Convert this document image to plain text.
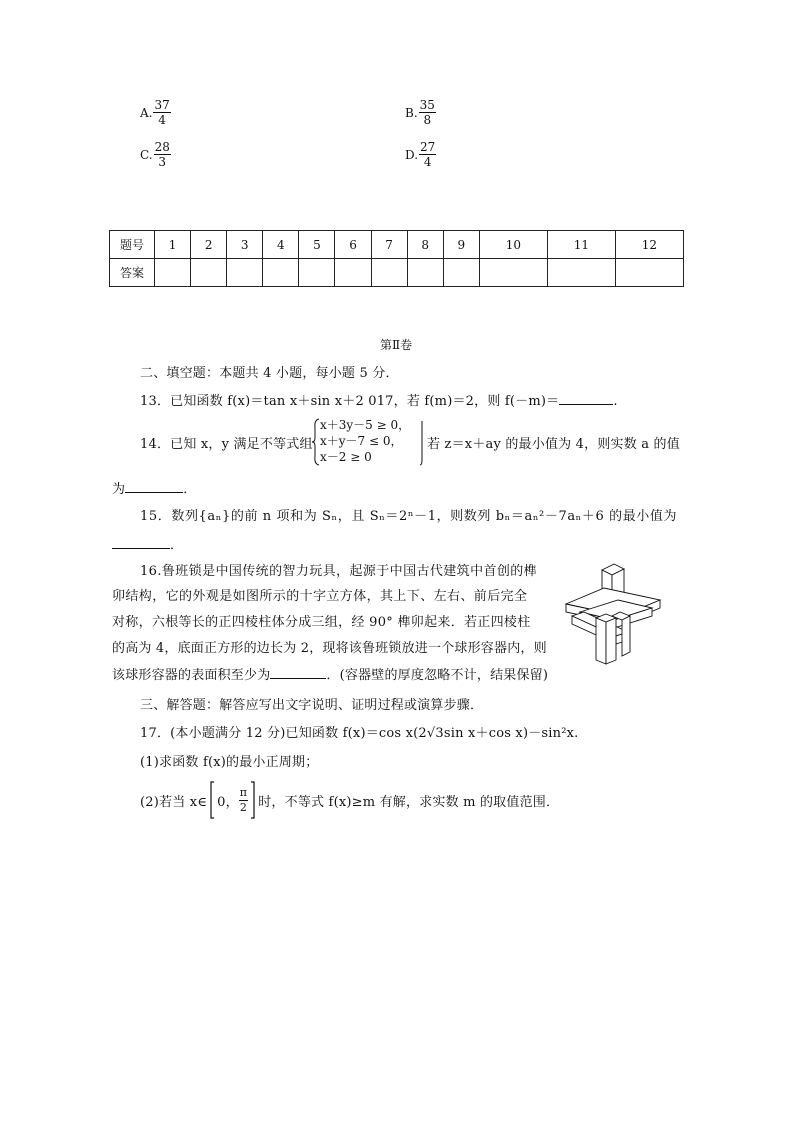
A. $\frac{37}{4}$	B. $\frac{35}{8}$
C. $\frac{28}{3}$	D. $\frac{27}{4}$
题号	1	2	3	4	5	6	7	8	9	10	11	12
答案												
第Ⅱ卷
二、填空题：本题共 4 小题，每小题 5 分．
13．已知函数 f(x)＝tan x＋sin x＋2 017，若 f(m)＝2，则 f(－m)＝	.
14．已知 x，y 满足不等式组
x＋3y－5 ≥ 0，
x＋y－7 ≤ 0，
x－2 ≥ 0
若 z＝x＋ay 的最小值为 4，则实数 a 的值
为	．
15．数列{aₙ}的前 n 项和为 Sₙ，且 Sₙ＝2ⁿ－1，则数列 bₙ＝aₙ²－7aₙ＋6 的最小值为
．
16.鲁班锁是中国传统的智力玩具，起源于中国古代建筑中首创的榫
卯结构，它的外观是如图所示的十字立方体，其上下、左右、前后完全
对称，六根等长的正四棱柱体分成三组，经 90° 榫卯起来．若正四棱柱
的高为 4，底面正方形的边长为 2，现将该鲁班锁放进一个球形容器内，则
该球形容器的表面积至少为	．(容器壁的厚度忽略不计，结果保留)
三、解答题：解答应写出文字说明、证明过程或演算步骤．
17．(本小题满分 12 分)已知函数 f(x)＝cos x(2√3sin x＋cos x)－sin²x.
(1)求函数 f(x)的最小正周期；
(2)若当 x∈ 0， $\frac{\pi}{2}$ 时，不等式 f(x)≥m 有解，求实数 m 的取值范围．
